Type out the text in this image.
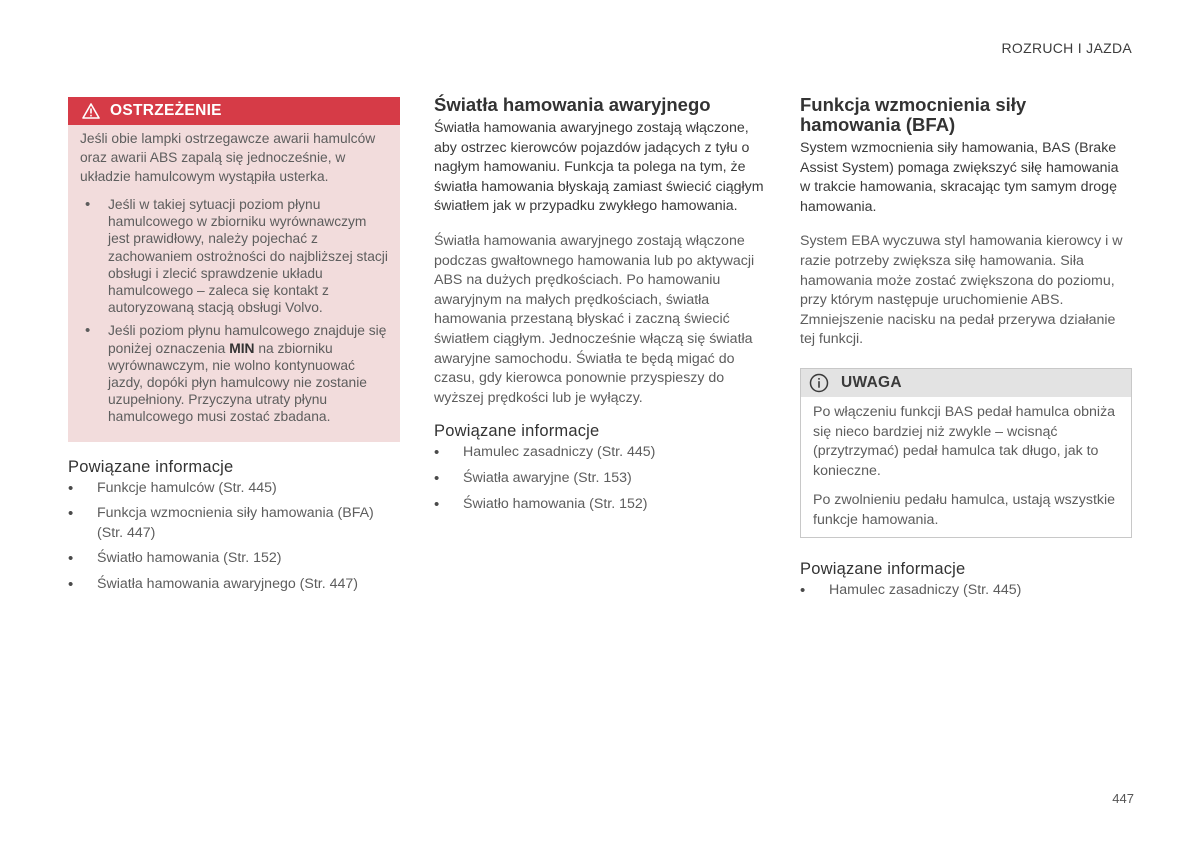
ROZRUCH I JAZDA
OSTRZEŻENIE

Jeśli obie lampki ostrzegawcze awarii hamulców oraz awarii ABS zapalą się jednocześnie, w układzie hamulcowym wystąpiła usterka.

• Jeśli w takiej sytuacji poziom płynu hamulcowego w zbiorniku wyrównawczym jest prawidłowy, należy pojechać z zachowaniem ostrożności do najbliższej stacji obsługi i zlecić sprawdzenie układu hamulcowego – zaleca się kontakt z autoryzowaną stacją obsługi Volvo.
• Jeśli poziom płynu hamulcowego znajduje się poniżej oznaczenia MIN na zbiorniku wyrównawczym, nie wolno kontynuować jazdy, dopóki płyn hamulcowy nie zostanie uzupełniony. Przyczyna utraty płynu hamulcowego musi zostać zbadana.
Powiązane informacje
• Funkcje hamulców (Str. 445)
• Funkcja wzmocnienia siły hamowania (BFA) (Str. 447)
• Światło hamowania (Str. 152)
• Światła hamowania awaryjnego (Str. 447)
Światła hamowania awaryjnego

Światła hamowania awaryjnego zostają włączone, aby ostrzec kierowców pojazdów jadących z tyłu o nagłym hamowaniu. Funkcja ta polega na tym, że światła hamowania błyskają zamiast świecić ciągłym światłem jak w przypadku zwykłego hamowania.

Światła hamowania awaryjnego zostają włączone podczas gwałtownego hamowania lub po aktywacji ABS na dużych prędkościach. Po hamowaniu awaryjnym na małych prędkościach, światła hamowania przestaną błyskać i zaczną świecić światłem ciągłym. Jednocześnie włączą się światła awaryjne samochodu. Światła te będą migać do czasu, gdy kierowca ponownie przyspieszy do wyższej prędkości lub je wyłączy.

Powiązane informacje
• Hamulec zasadniczy (Str. 445)
• Światła awaryjne (Str. 153)
• Światło hamowania (Str. 152)
Funkcja wzmocnienia siły hamowania (BFA)

System wzmocnienia siły hamowania, BAS (Brake Assist System) pomaga zwiększyć siłę hamowania w trakcie hamowania, skracając tym samym drogę hamowania.

System EBA wyczuwa styl hamowania kierowcy i w razie potrzeby zwiększa siłę hamowania. Siła hamowania może zostać zwiększona do poziomu, przy którym następuje uruchomienie ABS. Zmniejszenie nacisku na pedał przerywa działanie tej funkcji.

UWAGA

Po włączeniu funkcji BAS pedał hamulca obniża się nieco bardziej niż zwykle – wcisnąć (przytrzymać) pedał hamulca tak długo, jak to konieczne.

Po zwolnieniu pedału hamulca, ustają wszystkie funkcje hamowania.

Powiązane informacje
• Hamulec zasadniczy (Str. 445)
447
